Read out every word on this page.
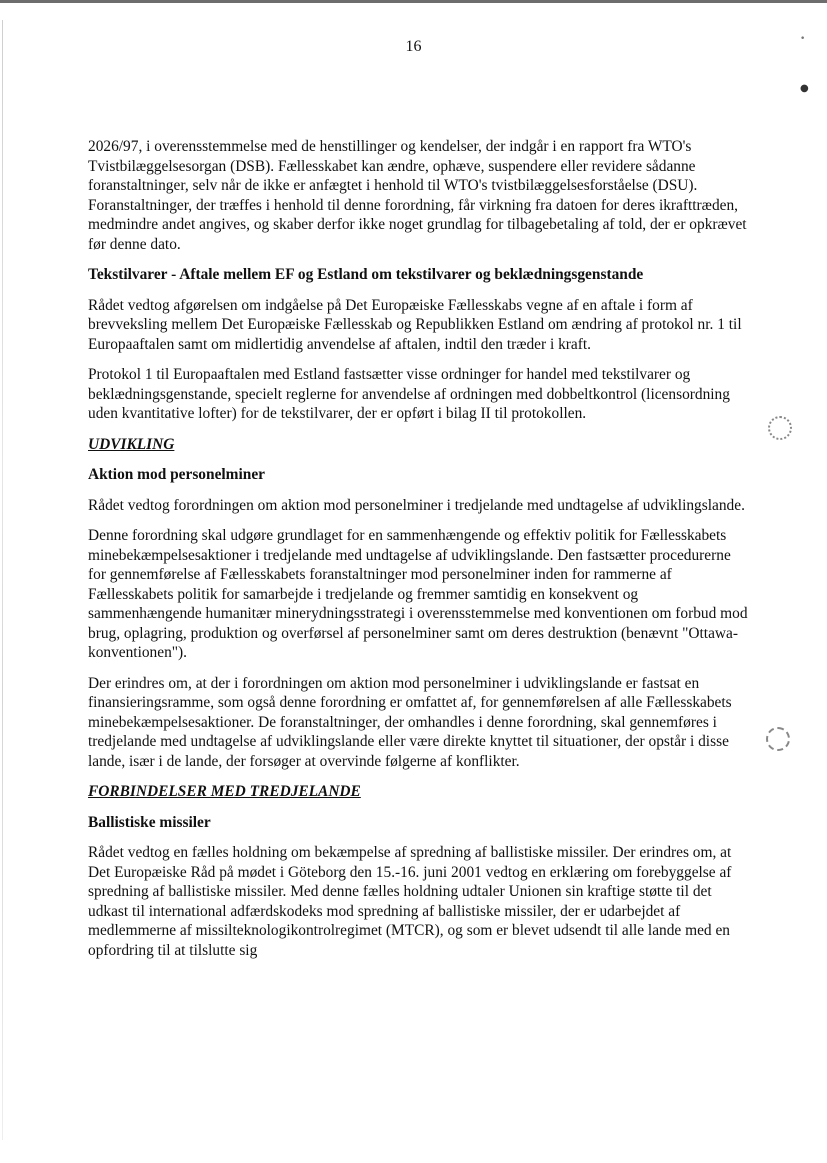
•
●
16

2026/97, i overensstemmelse med de henstillinger og kendelser, der indgår i en rapport fra WTO's Tvistbilæggelsesorgan (DSB). Fællesskabet kan ændre, ophæve, suspendere eller revidere sådanne foranstaltninger, selv når de ikke er anfægtet i henhold til WTO's tvistbilæggelsesforståelse (DSU). Foranstaltninger, der træffes i henhold til denne forordning, får virkning fra datoen for deres ikrafttræden, medmindre andet angives, og skaber derfor ikke noget grundlag for tilbagebetaling af told, der er opkrævet før denne dato.

Tekstilvarer - Aftale mellem EF og Estland om tekstilvarer og beklædningsgenstande

Rådet vedtog afgørelsen om indgåelse på Det Europæiske Fællesskabs vegne af en aftale i form af brevveksling mellem Det Europæiske Fællesskab og Republikken Estland om ændring af protokol nr. 1 til Europaaftalen samt om midlertidig anvendelse af aftalen, indtil den træder i kraft.

Protokol 1 til Europaaftalen med Estland fastsætter visse ordninger for handel med tekstilvarer og beklædningsgenstande, specielt reglerne for anvendelse af ordningen med dobbeltkontrol (licensordning uden kvantitative lofter) for de tekstilvarer, der er opført i bilag II til protokollen.

UDVIKLING
Aktion mod personelminer

Rådet vedtog forordningen om aktion mod personelminer i tredjelande med undtagelse af udviklingslande.

Denne forordning skal udgøre grundlaget for en sammenhængende og effektiv politik for Fællesskabets minebekæmpelsesaktioner i tredjelande med undtagelse af udviklingslande. Den fastsætter procedurerne for gennemførelse af Fællesskabets foranstaltninger mod personelminer inden for rammerne af Fællesskabets politik for samarbejde i tredjelande og fremmer samtidig en konsekvent og sammenhængende humanitær minerydningsstrategi i overensstemmelse med konventionen om forbud mod brug, oplagring, produktion og overførsel af personelminer samt om deres destruktion (benævnt "Ottawa-konventionen").

Der erindres om, at der i forordningen om aktion mod personelminer i udviklingslande er fastsat en finansieringsramme, som også denne forordning er omfattet af, for gennemførelsen af alle Fællesskabets minebekæmpelsesaktioner. De foranstaltninger, der omhandles i denne forordning, skal gennemføres i tredjelande med undtagelse af udviklingslande eller være direkte knyttet til situationer, der opstår i disse lande, især i de lande, der forsøger at overvinde følgerne af konflikter.

FORBINDELSER MED TREDJELANDE
Ballistiske missiler

Rådet vedtog en fælles holdning om bekæmpelse af spredning af ballistiske missiler. Der erindres om, at Det Europæiske Råd på mødet i Göteborg den 15.-16. juni 2001 vedtog en erklæring om forebyggelse af spredning af ballistiske missiler. Med denne fælles holdning udtaler Unionen sin kraftige støtte til det udkast til international adfærdskodeks mod spredning af ballistiske missiler, der er udarbejdet af medlemmerne af missilteknologikontrolregimet (MTCR), og som er blevet udsendt til alle lande med en opfordring til at tilslutte sig
